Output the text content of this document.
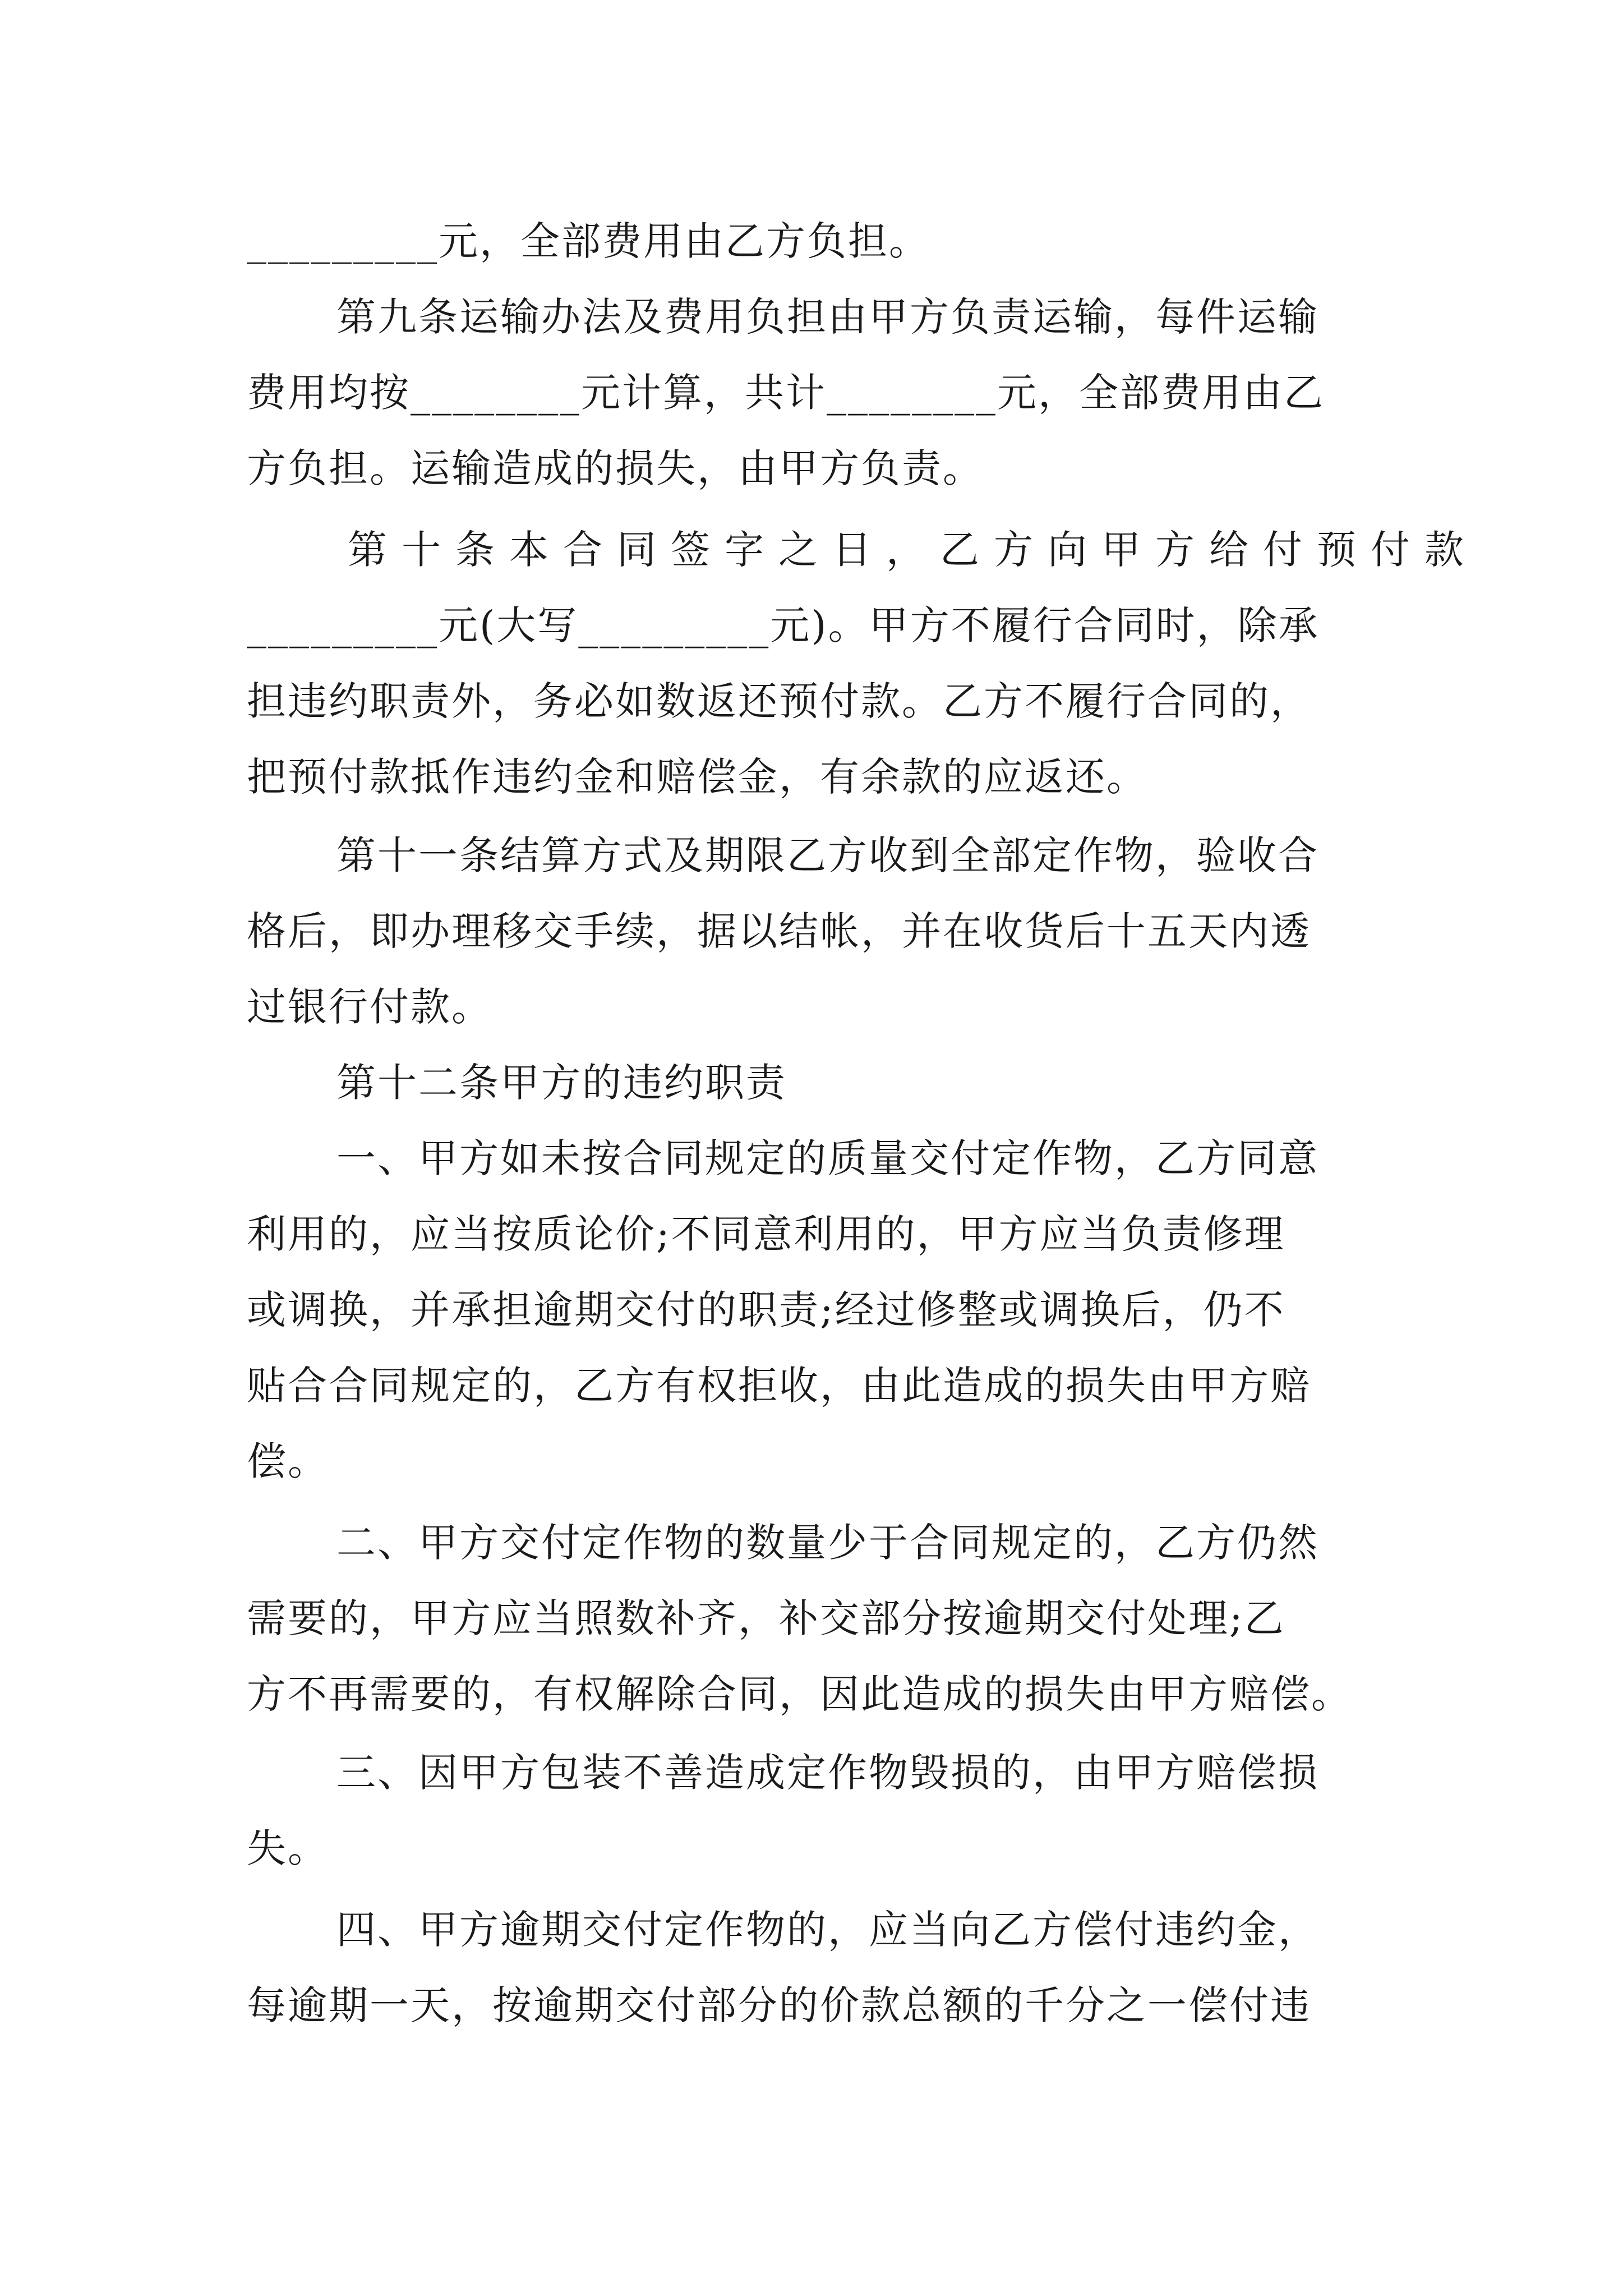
_________元，全部费用由乙方负担。
第九条运输办法及费用负担由甲方负责运输，每件运输
费用均按________元计算，共计________元，全部费用由乙
方负担。运输造成的损失，由甲方负责。
第十条本合同签字之日，乙方向甲方给付预付款
_________元(大写_________元)。甲方不履行合同时，除承
担违约职责外，务必如数返还预付款。乙方不履行合同的，
把预付款抵作违约金和赔偿金，有余款的应返还。
第十一条结算方式及期限乙方收到全部定作物，验收合
格后，即办理移交手续，据以结帐，并在收货后十五天内透
过银行付款。
第十二条甲方的违约职责
一、甲方如未按合同规定的质量交付定作物，乙方同意
利用的，应当按质论价;不同意利用的，甲方应当负责修理
或调换，并承担逾期交付的职责;经过修整或调换后，仍不
贴合合同规定的，乙方有权拒收，由此造成的损失由甲方赔
偿。
二、甲方交付定作物的数量少于合同规定的，乙方仍然
需要的，甲方应当照数补齐，补交部分按逾期交付处理;乙
方不再需要的，有权解除合同，因此造成的损失由甲方赔偿。
三、因甲方包装不善造成定作物毁损的，由甲方赔偿损
失。
四、甲方逾期交付定作物的，应当向乙方偿付违约金，
每逾期一天，按逾期交付部分的价款总额的千分之一偿付违
